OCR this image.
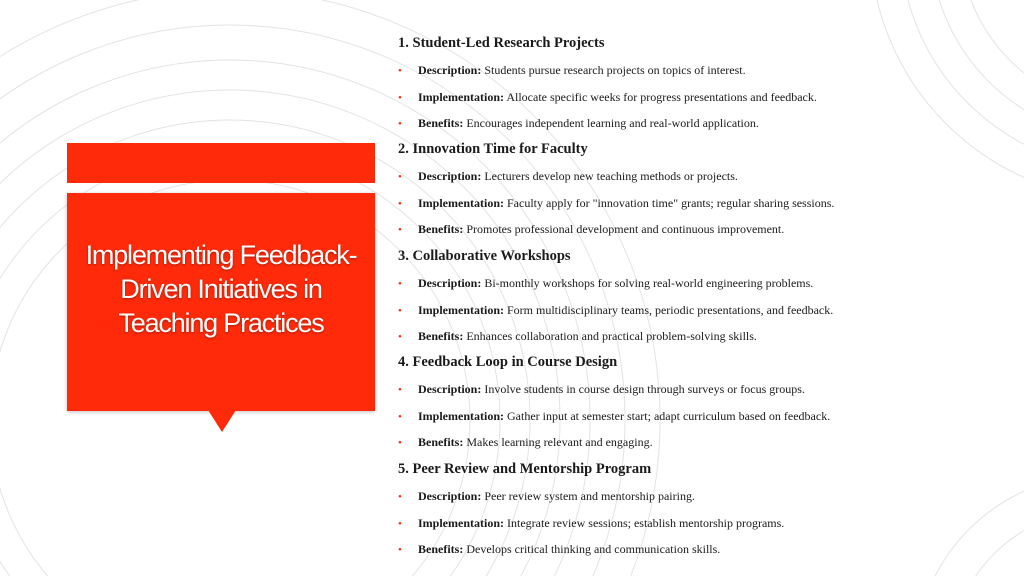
Implementing Feedback-Driven Initiatives in Teaching Practices
1. Student-Led Research Projects
• Description: Students pursue research projects on topics of interest.
• Implementation: Allocate specific weeks for progress presentations and feedback.
• Benefits: Encourages independent learning and real-world application.
2. Innovation Time for Faculty
• Description: Lecturers develop new teaching methods or projects.
• Implementation: Faculty apply for "innovation time" grants; regular sharing sessions.
• Benefits: Promotes professional development and continuous improvement.
3. Collaborative Workshops
• Description: Bi-monthly workshops for solving real-world engineering problems.
• Implementation: Form multidisciplinary teams, periodic presentations, and feedback.
• Benefits: Enhances collaboration and practical problem-solving skills.
4. Feedback Loop in Course Design
• Description: Involve students in course design through surveys or focus groups.
• Implementation: Gather input at semester start; adapt curriculum based on feedback.
• Benefits: Makes learning relevant and engaging.
5. Peer Review and Mentorship Program
• Description: Peer review system and mentorship pairing.
• Implementation: Integrate review sessions; establish mentorship programs.
• Benefits: Develops critical thinking and communication skills.
